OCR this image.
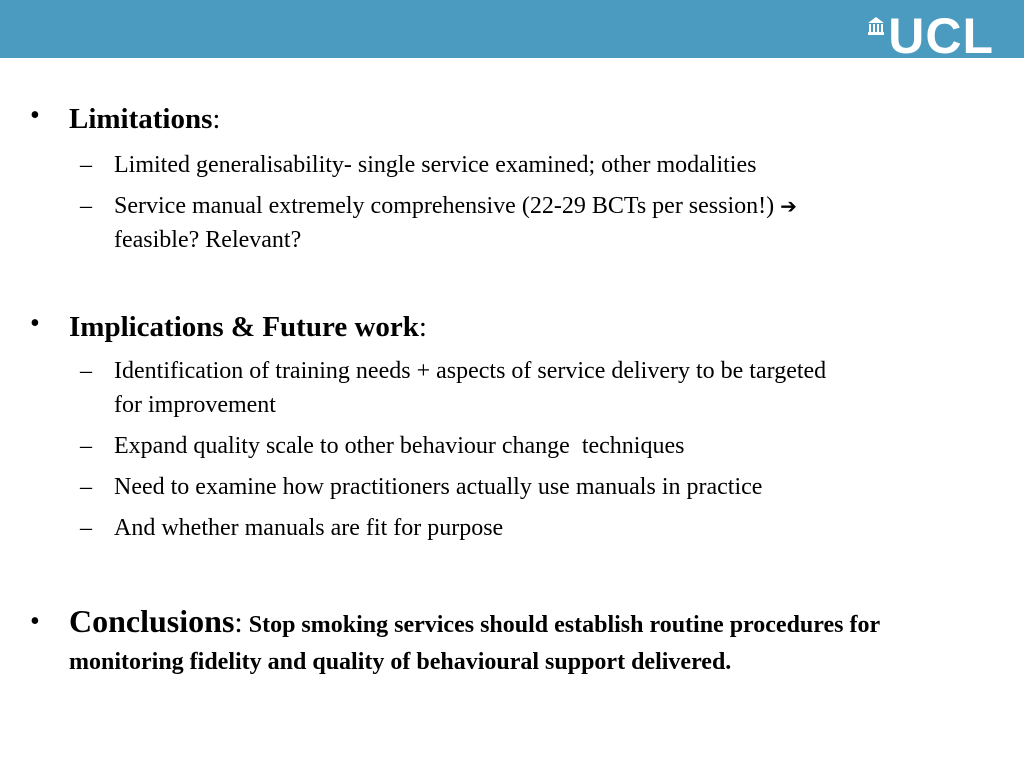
UCL
• Limitations:
– Limited generalisability- single service examined; other modalities
– Service manual extremely comprehensive (22-29 BCTs per session!) ➔
feasible? Relevant?
• Implications & Future work:
– Identification of training needs + aspects of service delivery to be targeted
for improvement
– Expand quality scale to other behaviour change  techniques
– Need to examine how practitioners actually use manuals in practice
– And whether manuals are fit for purpose
• Conclusions: Stop smoking services should establish routine procedures for monitoring fidelity and quality of behavioural support delivered.
